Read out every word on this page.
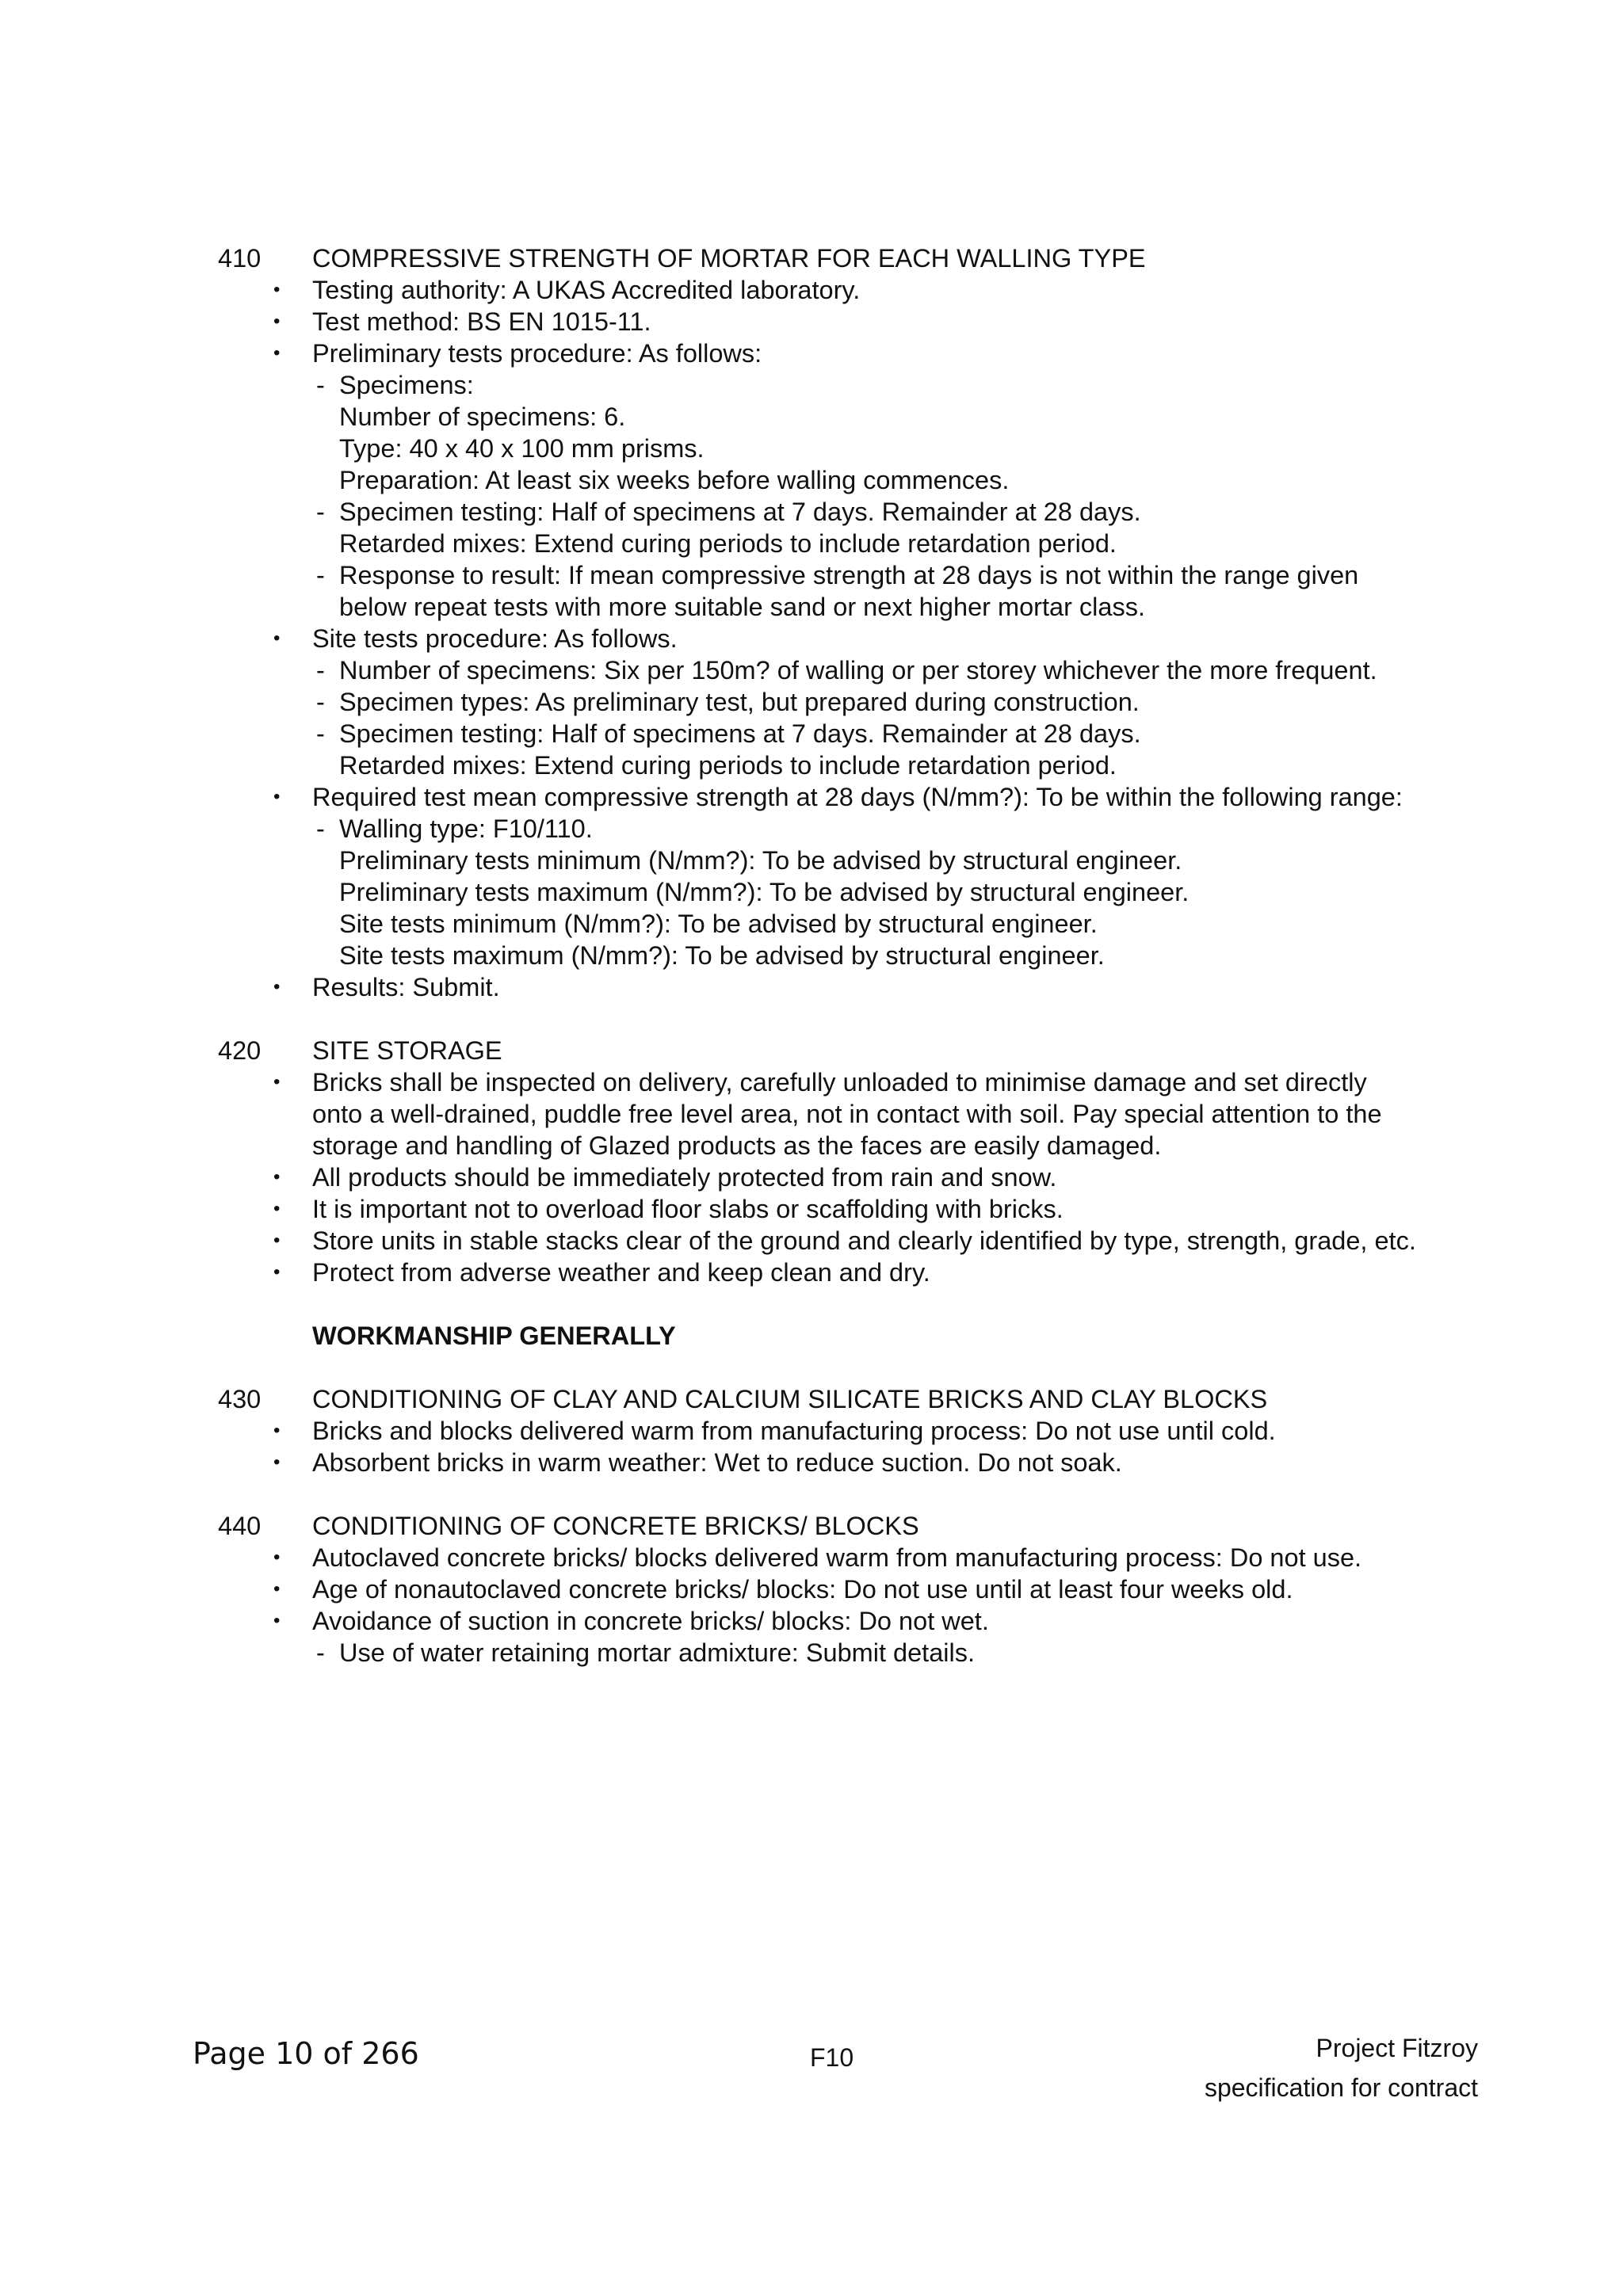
410 COMPRESSIVE STRENGTH OF MORTAR FOR EACH WALLING TYPE
• Testing authority: A UKAS Accredited laboratory.
• Test method: BS EN 1015-11.
• Preliminary tests procedure: As follows:
- Specimens:
Number of specimens: 6.
Type: 40 x 40 x 100 mm prisms.
Preparation: At least six weeks before walling commences.
- Specimen testing: Half of specimens at 7 days. Remainder at 28 days.
Retarded mixes: Extend curing periods to include retardation period.
- Response to result: If mean compressive strength at 28 days is not within the range given below repeat tests with more suitable sand or next higher mortar class.
• Site tests procedure: As follows.
- Number of specimens: Six per 150m? of walling or per storey whichever the more frequent.
- Specimen types: As preliminary test, but prepared during construction.
- Specimen testing: Half of specimens at 7 days. Remainder at 28 days.
Retarded mixes: Extend curing periods to include retardation period.
• Required test mean compressive strength at 28 days (N/mm?): To be within the following range:
- Walling type: F10/110.
Preliminary tests minimum (N/mm?): To be advised by structural engineer.
Preliminary tests maximum (N/mm?): To be advised by structural engineer.
Site tests minimum (N/mm?): To be advised by structural engineer.
Site tests maximum (N/mm?): To be advised by structural engineer.
• Results: Submit.
420 SITE STORAGE
• Bricks shall be inspected on delivery, carefully unloaded to minimise damage and set directly onto a well-drained, puddle free level area, not in contact with soil. Pay special attention to the storage and handling of Glazed products as the faces are easily damaged.
• All products should be immediately protected from rain and snow.
• It is important not to overload floor slabs or scaffolding with bricks.
• Store units in stable stacks clear of the ground and clearly identified by type, strength, grade, etc.
• Protect from adverse weather and keep clean and dry.
WORKMANSHIP GENERALLY
430 CONDITIONING OF CLAY AND CALCIUM SILICATE BRICKS AND CLAY BLOCKS
• Bricks and blocks delivered warm from manufacturing process: Do not use until cold.
• Absorbent bricks in warm weather: Wet to reduce suction. Do not soak.
440 CONDITIONING OF CONCRETE BRICKS/ BLOCKS
• Autoclaved concrete bricks/ blocks delivered warm from manufacturing process: Do not use.
• Age of nonautoclaved concrete bricks/ blocks: Do not use until at least four weeks old.
• Avoidance of suction in concrete bricks/ blocks: Do not wet.
- Use of water retaining mortar admixture: Submit details.
Page 10 of 266	F10	Project Fitzroy
specification for contract
